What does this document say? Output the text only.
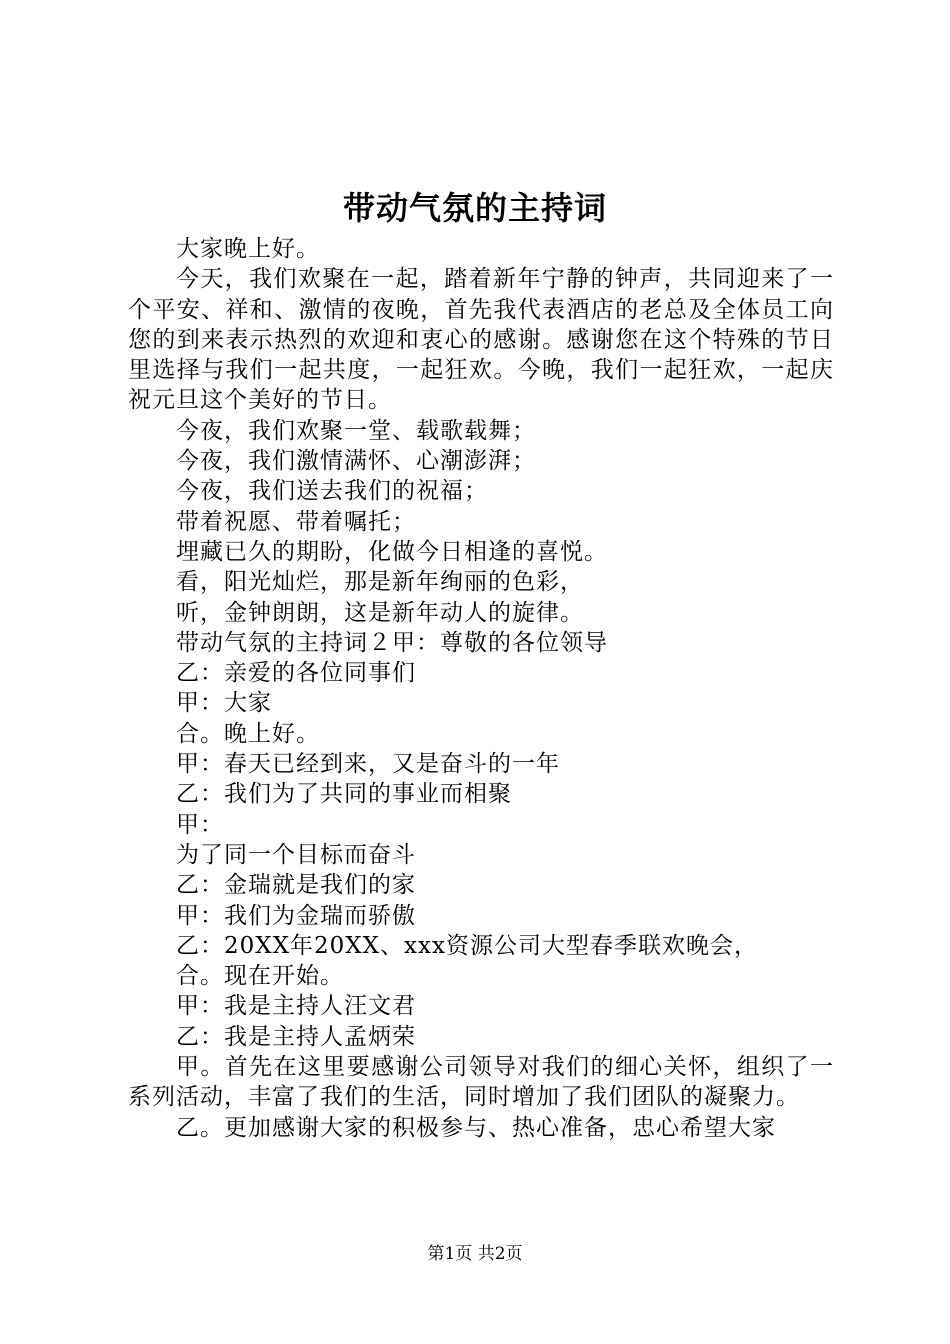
带动气氛的主持词

大家晚上好。

今天，我们欢聚在一起，踏着新年宁静的钟声，共同迎来了一个平安、祥和、激情的夜晚，首先我代表酒店的老总及全体员工向您的到来表示热烈的欢迎和衷心的感谢。感谢您在这个特殊的节日里选择与我们一起共度，一起狂欢。今晚，我们一起狂欢，一起庆祝元旦这个美好的节日。

今夜，我们欢聚一堂、载歌载舞；

今夜，我们激情满怀、心潮澎湃；

今夜，我们送去我们的祝福；

带着祝愿、带着嘱托；

埋藏已久的期盼，化做今日相逢的喜悦。

看，阳光灿烂，那是新年绚丽的色彩，

听，金钟朗朗，这是新年动人的旋律。

带动气氛的主持词２甲：尊敬的各位领导

乙：亲爱的各位同事们

甲：大家

合。晚上好。

甲：春天已经到来，又是奋斗的一年

乙：我们为了共同的事业而相聚

甲：

为了同一个目标而奋斗

乙：金瑞就是我们的家

甲：我们为金瑞而骄傲

乙：20XX年20XX、xxx资源公司大型春季联欢晚会，

合。现在开始。

甲：我是主持人汪文君

乙：我是主持人孟炳荣

甲。首先在这里要感谢公司领导对我们的细心关怀，组织了一系列活动，丰富了我们的生活，同时增加了我们团队的凝聚力。

乙。更加感谢大家的积极参与、热心准备，忠心希望大家

第1页 共2页
